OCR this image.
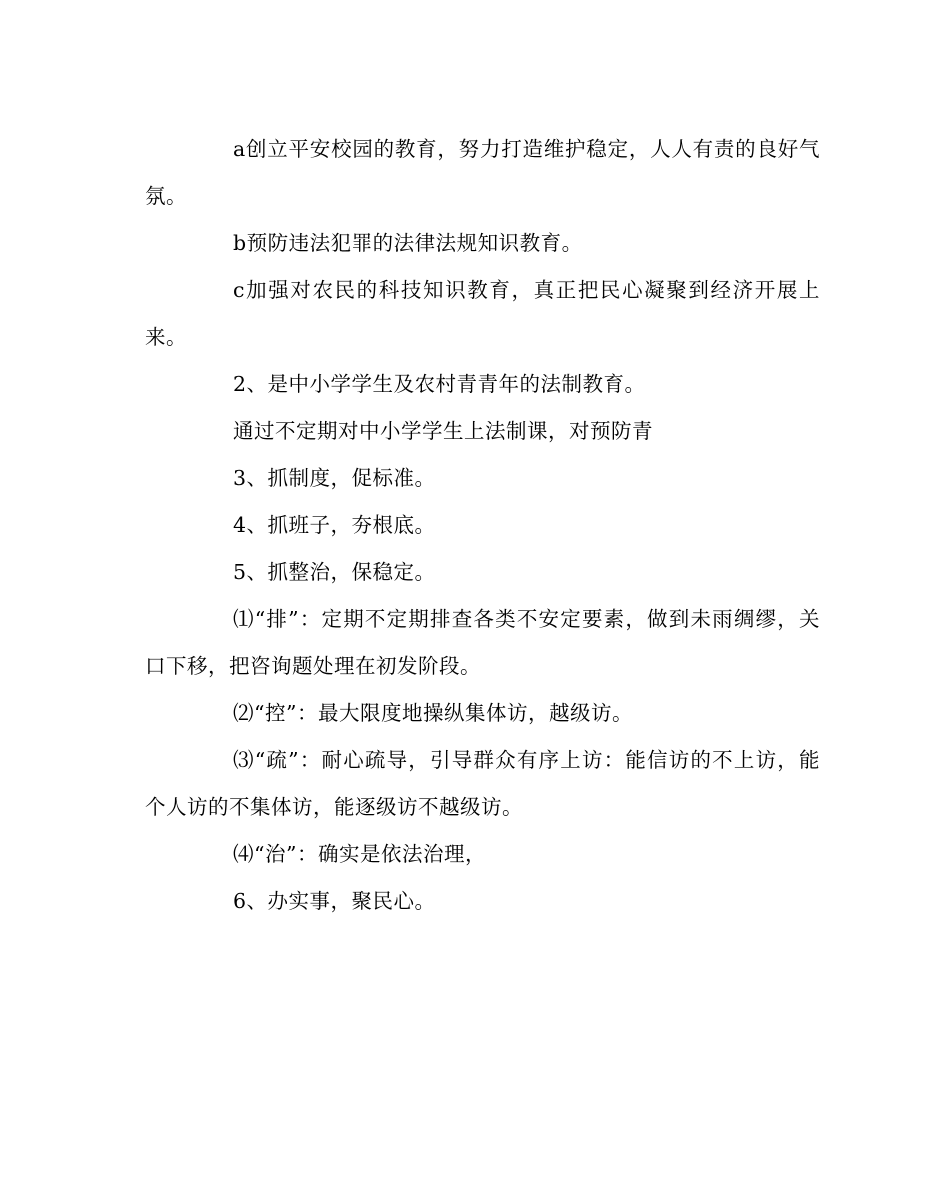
a创立平安校园的教育，努力打造维护稳定，人人有责的良好气氛。

b预防违法犯罪的法律法规知识教育。

c加强对农民的科技知识教育，真正把民心凝聚到经济开展上来。

2、是中小学学生及农村青青年的法制教育。

通过不定期对中小学学生上法制课，对预防青

3、抓制度，促标准。

4、抓班子，夯根底。

5、抓整治，保稳定。

⑴“排”：定期不定期排查各类不安定要素，做到未雨绸缪，关口下移，把咨询题处理在初发阶段。

⑵“控”：最大限度地操纵集体访，越级访。

⑶“疏”：耐心疏导，引导群众有序上访：能信访的不上访，能个人访的不集体访，能逐级访不越级访。

⑷“治”：确实是依法治理，

6、办实事，聚民心。
